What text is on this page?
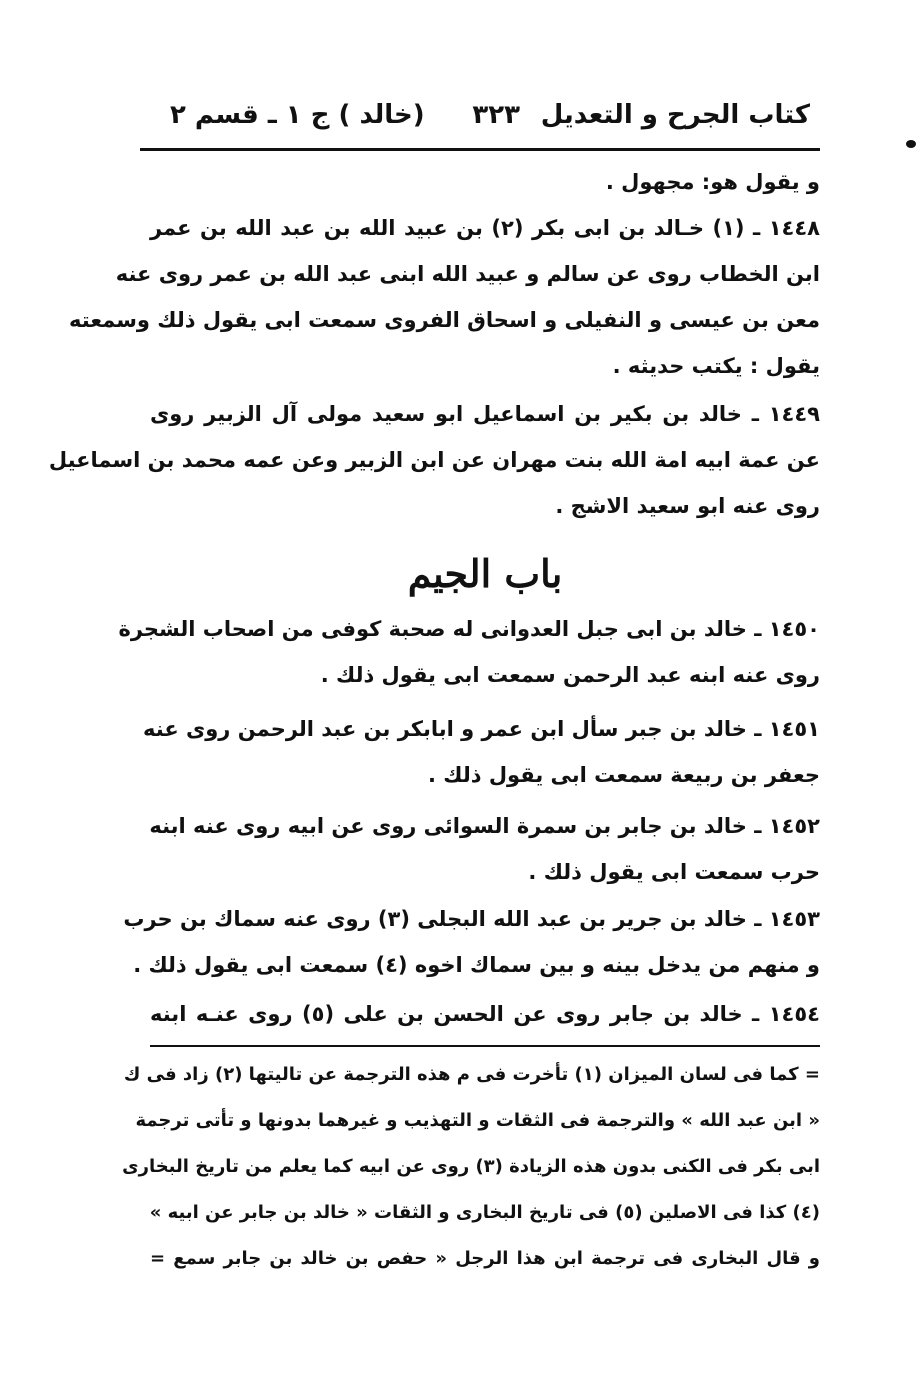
كتاب الجرح و التعديل
٣٢٣
(خالد ) ج ١ ـ قسم ٢
و يقول هو: مجهول .
١٤٤٨ ـ (١) خـالد بن ابى بكر (٢) بن عبيد الله بن عبد الله بن عمر
ابن الخطاب روى عن سالم و عبيد الله ابنى عبد الله بن عمر روى عنه
معن بن عيسى و النفيلى و اسحاق الفروى سمعت ابى يقول ذلك وسمعته
يقول : يكتب حديثه .
١٤٤٩ ـ خالد بن بكير بن اسماعيل ابو سعيد مولى آل الزبير روى
عن عمة ابيه امة الله بنت مهران عن ابن الزبير وعن عمه محمد بن اسماعيل
روى عنه ابو سعيد الاشج .
باب الجيم
١٤٥٠ ـ خالد بن ابى جبل العدوانى له صحبة كوفى من اصحاب الشجرة
روى عنه ابنه عبد الرحمن سمعت ابى يقول ذلك .
١٤٥١ ـ خالد بن جبر سأل ابن عمر و ابابكر بن عبد الرحمن روى عنه
جعفر بن ربيعة سمعت ابى يقول ذلك .
١٤٥٢ ـ خالد بن جابر بن سمرة السوائى روى عن ابيه روى عنه ابنه
حرب سمعت ابى يقول ذلك .
١٤٥٣ ـ خالد بن جرير بن عبد الله البجلى (٣) روى عنه سماك بن حرب
و منهم من يدخل بينه و بين سماك اخوه (٤) سمعت ابى يقول ذلك .
١٤٥٤ ـ خالد بن جابر روى عن الحسن بن على (٥) روى عنـه ابنه
= كما فى لسان الميزان (١) تأخرت فى م هذه الترجمة عن تاليتها (٢) زاد فى ك
« ابن عبد الله » والترجمة فى الثقات و التهذيب و غيرهما بدونها و تأتى ترجمة
ابى بكر فى الكنى بدون هذه الزيادة (٣) روى عن ابيه كما يعلم من تاريخ البخارى
(٤) كذا فى الاصلين (٥) فى تاريخ البخارى و الثقات « خالد بن جابر عن ابيه »
و قال البخارى فى ترجمة ابن هذا الرجل « حفص بن خالد بن جابر سمع =
